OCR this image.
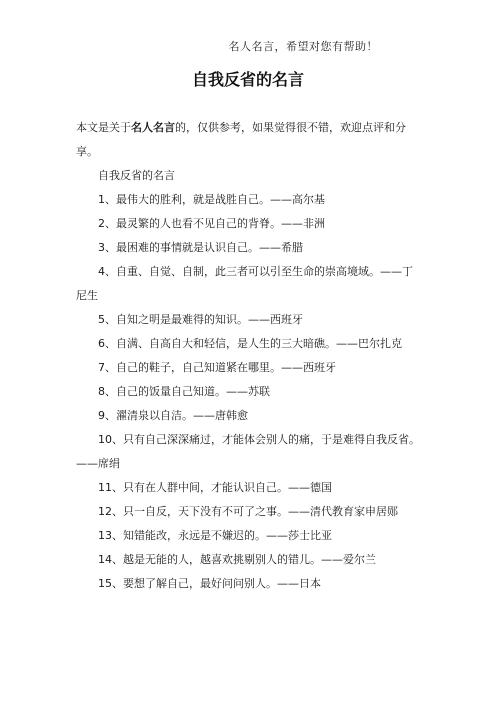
名人名言，希望对您有帮助！
自我反省的名言

本文是关于名人名言的，仅供参考，如果觉得很不错，欢迎点评和分享。

自我反省的名言

1、最伟大的胜利，就是战胜自己。——高尔基

2、最灵繁的人也看不见自己的背脊。——非洲

3、最困难的事情就是认识自己。——希腊

4、自重、自觉、自制，此三者可以引至生命的崇高境域。——丁尼生

5、自知之明是最难得的知识。——西班牙

6、自满、自高自大和轻信，是人生的三大暗礁。——巴尔扎克

7、自己的鞋子，自己知道紧在哪里。——西班牙

8、自己的饭量自己知道。——苏联

9、濯清泉以自洁。——唐韩愈

10、只有自己深深痛过，才能体会别人的痛，于是难得自我反省。——席绢

11、只有在人群中间，才能认识自己。——德国

12、只一自反，天下没有不可了之事。——清代教育家申居郧

13、知错能改，永远是不嫌迟的。——莎士比亚

14、越是无能的人，越喜欢挑剔别人的错儿。——爱尔兰

15、要想了解自己，最好问问别人。——日本
